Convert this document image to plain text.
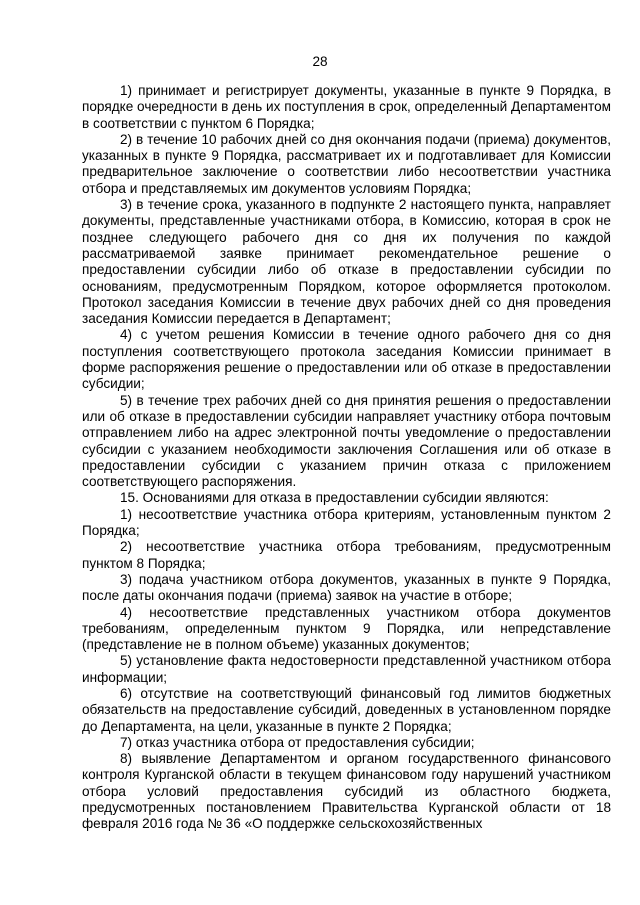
28

1) принимает и регистрирует документы, указанные в пункте 9 Порядка, в порядке очередности в день их поступления в срок, определенный Департаментом в соответствии с пунктом 6 Порядка;

2) в течение 10 рабочих дней со дня окончания подачи (приема) документов, указанных в пункте 9 Порядка, рассматривает их и подготавливает для Комиссии предварительное заключение о соответствии либо несоответствии участника отбора и представляемых им документов условиям Порядка;

3) в течение срока, указанного в подпункте 2 настоящего пункта, направляет документы, представленные участниками отбора, в Комиссию, которая в срок не позднее следующего рабочего дня со дня их получения по каждой рассматриваемой заявке принимает рекомендательное решение о предоставлении субсидии либо об отказе в предоставлении субсидии по основаниям, предусмотренным Порядком, которое оформляется протоколом. Протокол заседания Комиссии в течение двух рабочих дней со дня проведения заседания Комиссии передается в Департамент;

4) с учетом решения Комиссии в течение одного рабочего дня со дня поступления соответствующего протокола заседания Комиссии принимает в форме распоряжения решение о предоставлении или об отказе в предоставлении субсидии;

5) в течение трех рабочих дней со дня принятия решения о предоставлении или об отказе в предоставлении субсидии направляет участнику отбора почтовым отправлением либо на адрес электронной почты уведомление о предоставлении субсидии с указанием необходимости заключения Соглашения или об отказе в предоставлении субсидии с указанием причин отказа с приложением соответствующего распоряжения.

15. Основаниями для отказа в предоставлении субсидии являются:

1) несоответствие участника отбора критериям, установленным пунктом 2 Порядка;

2) несоответствие участника отбора требованиям, предусмотренным пунктом 8 Порядка;

3) подача участником отбора документов, указанных в пункте 9 Порядка, после даты окончания подачи (приема) заявок на участие в отборе;

4) несоответствие представленных участником отбора документов требованиям, определенным пунктом 9 Порядка, или непредставление (представление не в полном объеме) указанных документов;

5) установление факта недостоверности представленной участником отбора информации;

6) отсутствие на соответствующий финансовый год лимитов бюджетных обязательств на предоставление субсидий, доведенных в установленном порядке до Департамента, на цели, указанные в пункте 2 Порядка;

7) отказ участника отбора от предоставления субсидии;

8) выявление Департаментом и органом государственного финансового контроля Курганской области в текущем финансовом году нарушений участником отбора условий предоставления субсидий из областного бюджета, предусмотренных постановлением Правительства Курганской области от 18 февраля 2016 года № 36 «О поддержке сельскохозяйственных
